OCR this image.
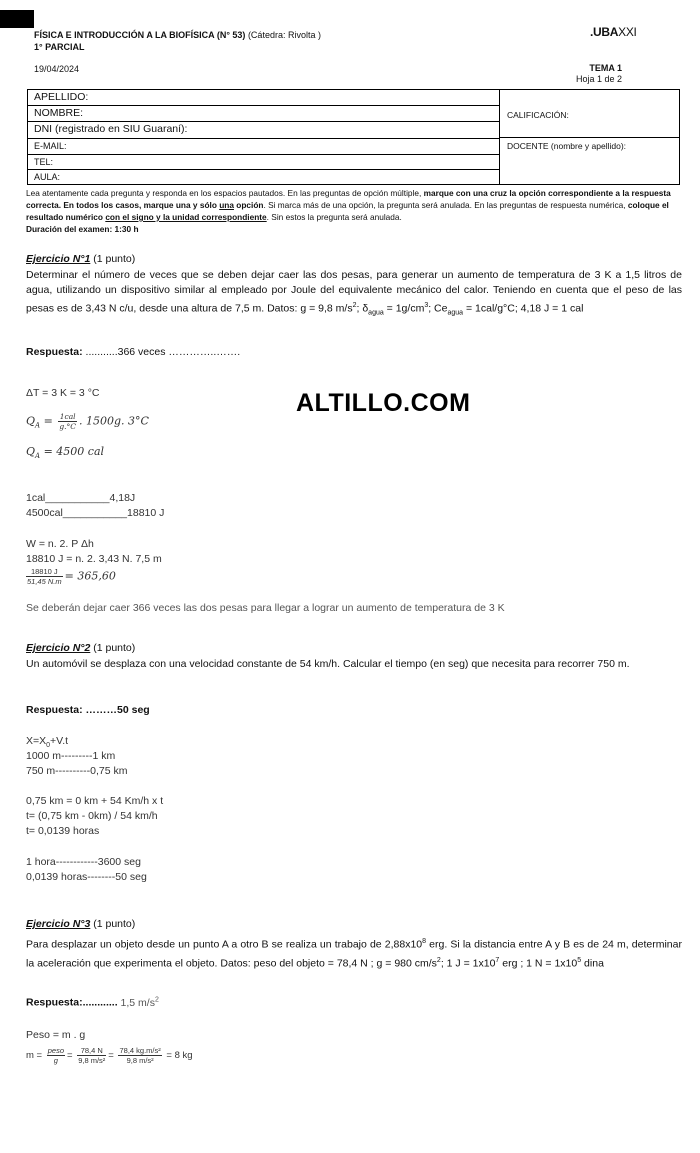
FÍSICA E INTRODUCCIÓN A LA BIOFÍSICA (N° 53) (Cátedra: Rivolta )
1° PARCIAL
.UBAXXI
19/04/2024	TEMA 1
Hoja 1 de 2
APELLIDO:
NOMBRE:
DNI (registrado en SIU Guaraní):
E-MAIL:
TEL:
AULA:
CALIFICACIÓN:
DOCENTE (nombre y apellido):
Lea atentamente cada pregunta y responda en los espacios pautados. En las preguntas de opción múltiple, marque con una cruz la opción correspondiente a la respuesta correcta. En todos los casos, marque una y sólo una opción. Si marca más de una opción, la pregunta será anulada. En las preguntas de respuesta numérica, coloque el resultado numérico con el signo y la unidad correspondiente. Sin estos la pregunta será anulada.
Duración del examen: 1:30 h
ALTILLO.COM
Ejercicio N°1 (1 punto)
Determinar el número de veces que se deben dejar caer las dos pesas, para generar un aumento de temperatura de 3 K a 1,5 litros de agua, utilizando un dispositivo similar al empleado por Joule del equivalente mecánico del calor. Teniendo en cuenta que el peso de las pesas es de 3,43 N c/u, desde una altura de 7,5 m. Datos: g = 9,8 $m/s^2$; $\delta_{agua} = 1g/cm^3$; $Ce_{agua} = 1cal/g^\circ C$; 4,18 J = 1 cal
Respuesta: ...........366 veces …………..…….
ΔT = 3 K = 3 °C
$Q_A = \frac{\text{1cal}}{g.^\circ C}$ . 1500g. 3°C
$Q_A = 4500$ cal
1cal___________4,18J
4500cal___________18810 J
W = n. 2. P Δh
18810 J = n. 2. 3,43 N. 7,5 m
$\frac{18810 J}{51,45 N.m} = 365,60$
Se deberán dejar caer 366 veces las dos pesas para llegar a lograr un aumento de temperatura de 3 K
Ejercicio N°2 (1 punto)
Un automóvil se desplaza con una velocidad constante de 54 km/h. Calcular el tiempo (en seg) que necesita para recorrer 750 m.
Respuesta: ………50 seg
$X=X_0+V.t$
1000 m---------1 km
750 m----------0,75 km
0,75 km = 0 km + 54 Km/h x t
t= (0,75 km - 0km) / 54 km/h
t= 0,0139 horas
1 hora------------3600 seg
0,0139 horas--------50 seg
Ejercicio N°3 (1 punto)
Para desplazar un objeto desde un punto A a otro B se realiza un trabajo de $2,88x10^8$ erg. Si la distancia entre A y B es de 24 m, determinar la aceleración que experimenta el objeto. Datos: peso del objeto = 78,4 N ; g = 980 $cm/s^2$; 1 $J = 1x10^7$ erg ; 1 $N = 1x10^5$ dina
Respuesta:............ 1,5 $m/s^2$
Peso = m . g
$m = \frac{\text{peso}}{g} = \frac{78,4 N}{\text{9,8 m/s²}} = \frac{\text{78,4 kg.m/s²}}{\text{9,8 m/s²}} = 8$ kg
